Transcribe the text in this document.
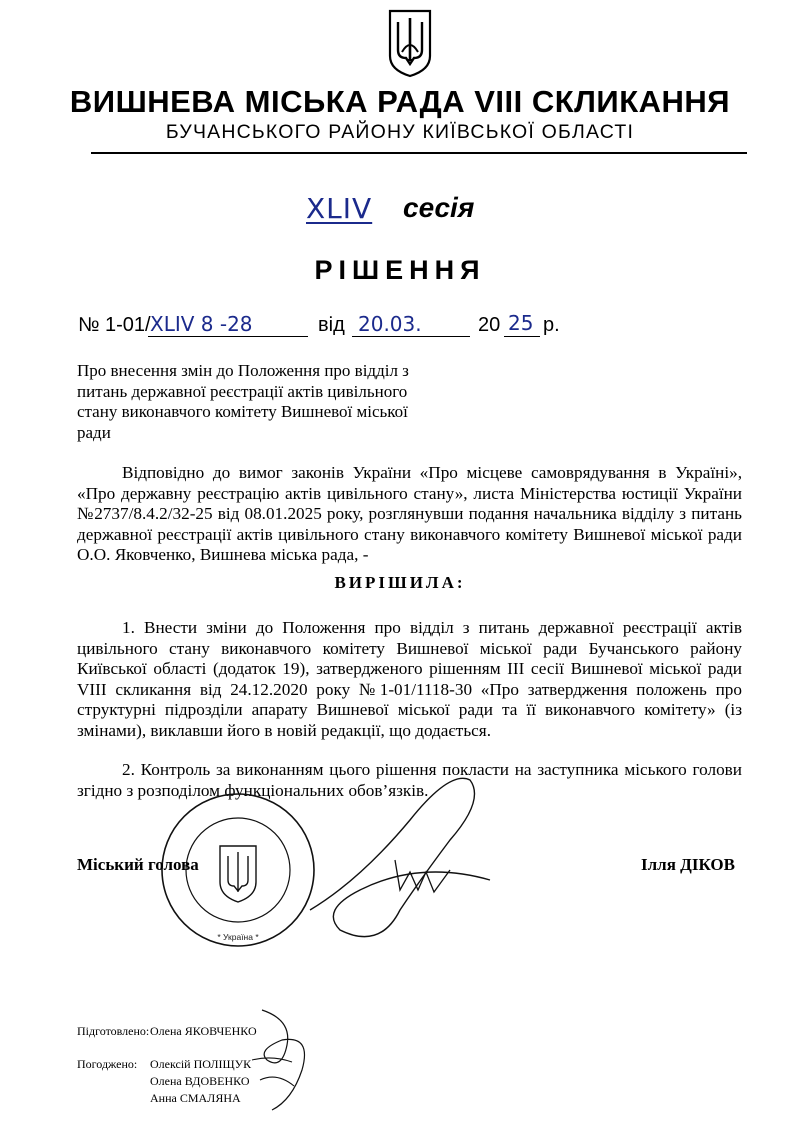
ВИШНЕВА МІСЬКА РАДА VIII СКЛИКАННЯ
БУЧАНСЬКОГО РАЙОНУ КИЇВСЬКОЇ ОБЛАСТІ
XLIV сесія
РІШЕННЯ
№ 1-01/ XLIV 8 -28	від 20.03.	20 25 р.
Про внесення змін до Положення про відділ з питань державної реєстрації актів цивільного стану виконавчого комітету Вишневої міської ради
Відповідно до вимог законів України «Про місцеве самоврядування в Україні», «Про державну реєстрацію актів цивільного стану», листа Міністерства юстиції України №2737/8.4.2/32-25 від 08.01.2025 року, розглянувши подання начальника відділу з питань державної реєстрації актів цивільного стану виконавчого комітету Вишневої міської ради О.О. Яковченко, Вишнева міська рада, -
ВИРІШИЛА:
1. Внести зміни до Положення про відділ з питань державної реєстрації актів цивільного стану виконавчого комітету Вишневої міської ради Бучанського району Київської області (додаток 19), затвердженого рішенням III сесії Вишневої міської ради VIII скликання від 24.12.2020 року №1-01/1118-30 «Про затвердження положень про структурні підрозділи апарату Вишневої міської ради та її виконавчого комітету» (із змінами), виклавши його в новій редакції, що додається.
2. Контроль за виконанням цього рішення покласти на заступника міського голови згідно з розподілом функціональних обов’язків.
* Україна *
Міський голова	Ілля ДІКОВ
Підготовлено: Олена ЯКОВЧЕНКО
Погоджено: Олексій ПОЛІЩУК
Олена ВДОВЕНКО
Анна СМАЛЯНА
